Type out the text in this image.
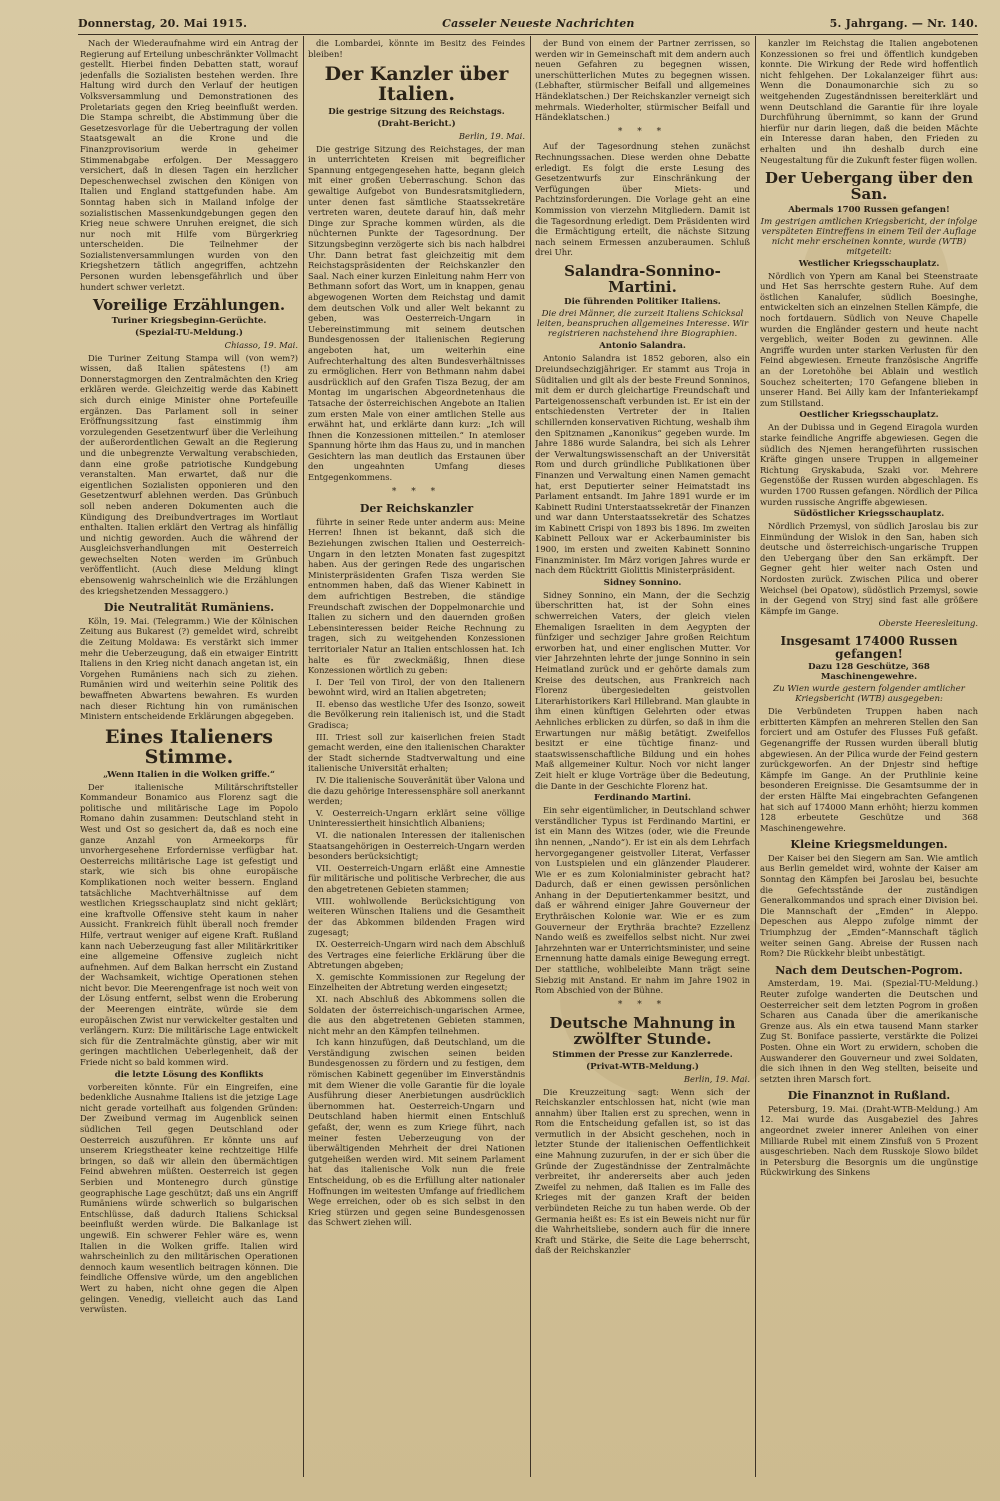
Donnerstag, 20. Mai 1915.	Casseler Neueste Nachrichten	5. Jahrgang. — Nr. 140.

Nach der Wiederaufnahme wird ein Antrag der Regierung auf Erteilung unbeschränkter Vollmacht gestellt. Hierbei finden Debatten statt, worauf jedenfalls die Sozialisten bestehen werden. Ihre Haltung wird durch den Verlauf der heutigen Volksversammlung und Demonstrationen des Proletariats gegen den Krieg beeinflußt werden. Die Stampa schreibt, die Abstimmung über die Gesetzesvorlage für die Uebertragung der vollen Staatsgewalt an die Krone und die Finanzprovisorium werde in geheimer Stimmenabgabe erfolgen. Der Messaggero versichert, daß in diesen Tagen ein herzlicher Depeschenwechsel zwischen den Königen von Italien und England stattgefunden habe. Am Sonntag haben sich in Mailand infolge der sozialistischen Massenkundgebungen gegen den Krieg neue schwere Unruhen ereignet, die sich nur noch mit Hilfe vom Bürgerkrieg unterscheiden. Die Teilnehmer der Sozialistenversammlungen wurden von den Kriegshetzern tätlich angegriffen, achtzehn Personen wurden lebensgefährlich und über hundert schwer verletzt.

Voreilige Erzählungen.
Turiner Kriegsbeginn-Gerüchte.
(Spezial-TU-Meldung.)
Chiasso, 19. Mai.

Die Turiner Zeitung Stampa will (von wem?) wissen, daß Italien spätestens (!) am Donnerstagmorgen den Zentralmächten den Krieg erklären werde. Gleichzeitig werde das Kabinett sich durch einige Minister ohne Portefeuille ergänzen. Das Parlament soll in seiner Eröffnungssitzung fast einstimmig ihm vorzulegenden Gesetzentwurf über die Verleihung der außerordentlichen Gewalt an die Regierung und die unbegrenzte Verwaltung verabschieden, dann eine große patriotische Kundgebung veranstalten. Man erwartet, daß nur die eigentlichen Sozialisten opponieren und den Gesetzentwurf ablehnen werden. Das Grünbuch soll neben anderen Dokumenten auch die Kündigung des Dreibundvertrages im Wortlaut enthalten. Italien erklärt den Vertrag als hinfällig und nichtig geworden. Auch die während der Ausgleichsverhandlungen mit Oesterreich gewechselten Noten werden im Grünbuch veröffentlicht. (Auch diese Meldung klingt ebensowenig wahrscheinlich wie die Erzählungen des kriegshetzenden Messaggero.)

Die Neutralität Rumäniens.

Köln, 19. Mai. (Telegramm.) Wie der Kölnischen Zeitung aus Bukarest (?) gemeldet wird, schreibt die Zeitung Moldawa: Es verstärkt sich immer mehr die Ueberzeugung, daß ein etwaiger Eintritt Italiens in den Krieg nicht danach angetan ist, ein Vorgehen Rumäniens nach sich zu ziehen. Rumänien wird und weiterhin seine Politik des bewaffneten Abwartens bewahren. Es wurden nach dieser Richtung hin von rumänischen Ministern entscheidende Erklärungen abgegeben.

Eines Italieners Stimme.
„Wenn Italien in die Wolken griffe.“

Der italienische Militärschriftsteller Kommandeur Bonamico aus Florenz sagt die politische und militärische Lage im Popolo Romano dahin zusammen: Deutschland steht in West und Ost so gesichert da, daß es noch eine ganze Anzahl von Armeekorps für unvorhergesehene Erfordernisse verfügbar hat. Oesterreichs militärische Lage ist gefestigt und stark, wie sich bis ohne europäische Komplikationen noch weiter bessern. England tatsächliche Machtverhältnisse auf dem westlichen Kriegsschauplatz sind nicht geklärt; eine kraftvolle Offensive steht kaum in naher Aussicht. Frankreich fühlt überall noch fremder Hilfe, vertraut weniger auf eigene Kraft. Rußland kann nach Ueberzeugung fast aller Militärkritiker eine allgemeine Offensive zugleich nicht aufnehmen. Auf dem Balkan herrscht ein Zustand der Wachsamkeit, wichtige Operationen stehen nicht bevor. Die Meerengenfrage ist noch weit von der Lösung entfernt, selbst wenn die Eroberung der Meerengen einträte, würde sie dem europäischen Zwist nur verwickelter gestalten und verlängern. Kurz: Die militärische Lage entwickelt sich für die Zentralmächte günstig, aber wir mit geringen machtlichen Ueberlegenheit, daß der Friede nicht so bald kommen wird.

die letzte Lösung des Konflikts

vorbereiten könnte. Für ein Eingreifen, eine bedenkliche Ausnahme Italiens ist die jetzige Lage nicht gerade vorteilhaft aus folgenden Gründen: Der Zweibund vermag im Augenblick seinen südlichen Teil gegen Deutschland oder Oesterreich auszuführen. Er könnte uns auf unserem Kriegstheater keine rechtzeitige Hilfe bringen, so daß wir allein den übermächtigen Feind abwehren müßten. Oesterreich ist gegen Serbien und Montenegro durch günstige geographische Lage geschützt; daß uns ein Angriff Rumäniens würde schwerlich so bulgarischen Entschlüsse, daß dadurch Italiens Schicksal beeinflußt werden würde. Die Balkanlage ist ungewiß. Ein schwerer Fehler wäre es, wenn Italien in die Wolken griffe. Italien wird wahrscheinlich zu den militärischen Operationen dennoch kaum wesentlich beitragen können. Die feindliche Offensive würde, um den angeblichen Wert zu haben, nicht ohne gegen die Alpen gelingen. Venedig, vielleicht auch das Land verwüsten.

die Lombardei, könnte im Besitz des Feindes bleiben!

Der Kanzler über Italien.
Die gestrige Sitzung des Reichstags.
(Draht-Bericht.)
Berlin, 19. Mai.

Die gestrige Sitzung des Reichstages, der man in unterrichteten Kreisen mit begreiflicher Spannung entgegengesehen hatte, begann gleich mit einer großen Ueberraschung. Schon das gewaltige Aufgebot von Bundesratsmitgliedern, unter denen fast sämtliche Staatssekretäre vertreten waren, deutete darauf hin, daß mehr Dinge zur Sprache kommen würden, als die nüchternen Punkte der Tagesordnung. Der Sitzungsbeginn verzögerte sich bis nach halbdrei Uhr. Dann betrat fast gleichzeitig mit dem Reichstagspräsidenten der Reichskanzler den Saal. Nach einer kurzen Einleitung nahm Herr von Bethmann sofort das Wort, um in knappen, genau abgewogenen Worten dem Reichstag und damit dem deutschen Volk und aller Welt bekannt zu geben, was Oesterreich-Ungarn in Uebereinstimmung mit seinem deutschen Bundesgenossen der italienischen Regierung angeboten hat, um weiterhin eine Aufrechterhaltung des alten Bundesverhältnisses zu ermöglichen. Herr von Bethmann nahm dabei ausdrücklich auf den Grafen Tisza Bezug, der am Montag im ungarischen Abgeordnetenhaus die Tatsache der österreichischen Angebote an Italien zum ersten Male von einer amtlichen Stelle aus erwähnt hat, und erklärte dann kurz: „Ich will Ihnen die Konzessionen mitteilen.“ In atemloser Spannung hörte ihm das Haus zu, und in manchen Gesichtern las man deutlich das Erstaunen über den ungeahnten Umfang dieses Entgegenkommens.

* * *
Der Reichskanzler

führte in seiner Rede unter anderm aus: Meine Herren! Ihnen ist bekannt, daß sich die Beziehungen zwischen Italien und Oesterreich-Ungarn in den letzten Monaten fast zugespitzt haben. Aus der geringen Rede des ungarischen Ministerpräsidenten Grafen Tisza werden Sie entnommen haben, daß das Wiener Kabinett in dem aufrichtigen Bestreben, die ständige Freundschaft zwischen der Doppelmonarchie und Italien zu sichern und den dauernden großen Lebensinteressen beider Reiche Rechnung zu tragen, sich zu weitgehenden Konzessionen territorialer Natur an Italien entschlossen hat. Ich halte es für zweckmäßig, Ihnen diese Konzessionen wörtlich zu geben:

I. Der Teil von Tirol, der von den Italienern bewohnt wird, wird an Italien abgetreten;

II. ebenso das westliche Ufer des Isonzo, soweit die Bevölkerung rein italienisch ist, und die Stadt Gradisca;

III. Triest soll zur kaiserlichen freien Stadt gemacht werden, eine den italienischen Charakter der Stadt sichernde Stadtverwaltung und eine italienische Universität erhalten;

IV. Die italienische Souveränität über Valona und die dazu gehörige Interessensphäre soll anerkannt werden;

V. Oesterreich-Ungarn erklärt seine völlige Uninteressiertheit hinsichtlich Albaniens;

VI. die nationalen Interessen der italienischen Staatsangehörigen in Oesterreich-Ungarn werden besonders berücksichtigt;

VII. Oesterreich-Ungarn erläßt eine Amnestie für militärische und politische Verbrecher, die aus den abgetretenen Gebieten stammen;

VIII. wohlwollende Berücksichtigung von weiteren Wünschen Italiens und die Gesamtheit der das Abkommen bildenden Fragen wird zugesagt;

IX. Oesterreich-Ungarn wird nach dem Abschluß des Vertrages eine feierliche Erklärung über die Abtretungen abgeben;

X. gemischte Kommissionen zur Regelung der Einzelheiten der Abtretung werden eingesetzt;

XI. nach Abschluß des Abkommens sollen die Soldaten der österreichisch-ungarischen Armee, die aus den abgetretenen Gebieten stammen, nicht mehr an den Kämpfen teilnehmen.

Ich kann hinzufügen, daß Deutschland, um die Verständigung zwischen seinen beiden Bundesgenossen zu fördern und zu festigen, dem römischen Kabinett gegenüber im Einverständnis mit dem Wiener die volle Garantie für die loyale Ausführung dieser Anerbietungen ausdrücklich übernommen hat. Oesterreich-Ungarn und Deutschland haben hiermit einen Entschluß gefaßt, der, wenn es zum Kriege führt, nach meiner festen Ueberzeugung von der überwältigenden Mehrheit der drei Nationen gutgeheißen werden wird. Mit seinem Parlament hat das italienische Volk nun die freie Entscheidung, ob es die Erfüllung alter nationaler Hoffnungen im weitesten Umfange auf friedlichem Wege erreichen, oder ob es sich selbst in den Krieg stürzen und gegen seine Bundesgenossen das Schwert ziehen will.

der Bund von einem der Partner zerrissen, so werden wir in Gemeinschaft mit dem andern auch neuen Gefahren zu begegnen wissen, unerschütterlichen Mutes zu begegnen wissen. (Lebhafter, stürmischer Beifall und allgemeines Händeklatschen.) Der Reichskanzler verneigt sich mehrmals. Wiederholter, stürmischer Beifall und Händeklatschen.)

* * *

Auf der Tagesordnung stehen zunächst Rechnungssachen. Diese werden ohne Debatte erledigt. Es folgt die erste Lesung des Gesetzentwurfs zur Einschränkung der Verfügungen über Miets- und Pachtzinsforderungen. Die Vorlage geht an eine Kommission von vierzehn Mitgliedern. Damit ist die Tagesordnung erledigt. Dem Präsidenten wird die Ermächtigung erteilt, die nächste Sitzung nach seinem Ermessen anzuberaumen. Schluß drei Uhr.

Salandra-Sonnino-Martini.
Die führenden Politiker Italiens.
Die drei Männer, die zurzeit Italiens Schicksal leiten, beanspruchen allgemeines Interesse. Wir registrieren nachstehend ihre Biographien.
Antonio Salandra.

Antonio Salandra ist 1852 geboren, also ein Dreiundsechzigjähriger. Er stammt aus Troja in Süditalien und gilt als der beste Freund Sonninos, mit dem er durch gleichartige Freundschaft und Parteigenossenschaft verbunden ist. Er ist ein der entschiedensten Vertreter der in Italien schillernden konservativen Richtung, weshalb ihm den Spitznamen „Kanonikus“ gegeben wurde. Im Jahre 1886 wurde Salandra, bei sich als Lehrer der Verwaltungswissenschaft an der Universität Rom und durch gründliche Publikationen über Finanzen und Verwaltung einen Namen gemacht hat, erst Deputierter seiner Heimatstadt ins Parlament entsandt. Im Jahre 1891 wurde er im Kabinett Rudini Unterstaatssekretär der Finanzen und war dann Unterstaatssekretär des Schatzes im Kabinett Crispi von 1893 bis 1896. Im zweiten Kabinett Pelloux war er Ackerbauminister bis 1900, im ersten und zweiten Kabinett Sonnino Finanzminister. Im März vorigen Jahres wurde er nach dem Rücktritt Giolittis Ministerpräsident.

Sidney Sonnino.

Sidney Sonnino, ein Mann, der die Sechzig überschritten hat, ist der Sohn eines schwerreichen Vaters, der gleich vielen Ehemaligen Israeliten in dem Aegypten der fünfziger und sechziger Jahre großen Reichtum erworben hat, und einer englischen Mutter. Vor vier Jahrzehnten lehrte der junge Sonnino in sein Heimatland zurück und er gehörte damals zum Kreise des deutschen, aus Frankreich nach Florenz übergesiedelten geistvollen Literarhistorikers Karl Hillebrand. Man glaubte in ihm einen künftigen Gelehrten oder etwas Aehnliches erblicken zu dürfen, so daß in ihm die Erwartungen nur mäßig betätigt. Zweifellos besitzt er eine tüchtige finanz- und staatswissenschaftliche Bildung und ein hohes Maß allgemeiner Kultur. Noch vor nicht langer Zeit hielt er kluge Vorträge über die Bedeutung, die Dante in der Geschichte Florenz hat.

Ferdinando Martini.

Ein sehr eigentümlicher, in Deutschland schwer verständlicher Typus ist Ferdinando Martini, er ist ein Mann des Witzes (oder, wie die Freunde ihn nennen, „Nando“). Er ist ein als dem Lehrfach hervorgegangener geistvoller Literat, Verfasser von Lustspielen und ein glänzender Plauderer. Wie er es zum Kolonialminister gebracht hat? Dadurch, daß er einen gewissen persönlichen Anhang in der Deputiertenkammer besitzt, und daß er während einiger Jahre Gouverneur der Erythräischen Kolonie war. Wie er es zum Gouverneur der Erythräa brachte? Ezzellenz Nando weiß es zweifellos selbst nicht. Nur zwei Jahrzehnten war er Unterrichtsminister, und seine Ernennung hatte damals einige Bewegung erregt. Der stattliche, wohlbeleibte Mann trägt seine Siebzig mit Anstand. Er nahm im Jahre 1902 in Rom Abschied von der Bühne.

* * *
Deutsche Mahnung in zwölfter Stunde.
Stimmen der Presse zur Kanzlerrede.
(Privat-WTB-Meldung.)
Berlin, 19. Mai.

Die Kreuzzeitung sagt: Wenn sich der Reichskanzler entschlossen hat, nicht (wie man annahm) über Italien erst zu sprechen, wenn in Rom die Entscheidung gefallen ist, so ist das vermutlich in der Absicht geschehen, noch in letzter Stunde der italienischen Oeffentlichkeit eine Mahnung zuzurufen, in der er sich über die Gründe der Zugeständnisse der Zentralmächte verbreitet, ihr andererseits aber auch jeden Zweifel zu nehmen, daß Italien es im Falle des Krieges mit der ganzen Kraft der beiden verbündeten Reiche zu tun haben werde. Ob der Germania heißt es: Es ist ein Beweis nicht nur für die Wahrheitsliebe, sondern auch für die innere Kraft und Stärke, die Seite die Lage beherrscht, daß der Reichskanzler

kanzler im Reichstag die Italien angebotenen Konzessionen so frei und öffentlich kundgeben konnte. Die Wirkung der Rede wird hoffentlich nicht fehlgehen. Der Lokalanzeiger führt aus: Wenn die Donaumonarchie sich zu so weitgehenden Zugeständnissen bereiterklärt und wenn Deutschland die Garantie für ihre loyale Durchführung übernimmt, so kann der Grund hierfür nur darin liegen, daß die beiden Mächte ein Interesse daran haben, den Frieden zu erhalten und ihn deshalb durch eine Neugestaltung für die Zukunft fester fügen wollen.

Der Uebergang über den San.
Abermals 1700 Russen gefangen!
Im gestrigen amtlichen Kriegsbericht, der infolge verspäteten Eintreffens in einem Teil der Auflage nicht mehr erscheinen konnte, wurde (WTB) mitgeteilt:
Westlicher Kriegsschauplatz.

Nördlich von Ypern am Kanal bei Steenstraate und Het Sas herrschte gestern Ruhe. Auf dem östlichen Kanalufer, südlich Boesinghe, entwickelten sich an einzelnen Stellen Kämpfe, die noch fortdauern. Südlich von Neuve Chapelle wurden die Engländer gestern und heute nacht vergeblich, weiter Boden zu gewinnen. Alle Angriffe wurden unter starken Verlusten für den Feind abgewiesen. Erneute französische Angriffe an der Loretohöhe bei Ablain und westlich Souchez scheiterten; 170 Gefangene blieben in unserer Hand. Bei Ailly kam der Infanteriekampf zum Stillstand.

Oestlicher Kriegsschauplatz.

An der Dubissa und in Gegend Eiragola wurden starke feindliche Angriffe abgewiesen. Gegen die südlich des Njemen herangeführten russischen Kräfte gingen unsere Truppen in allgemeiner Richtung Gryskabuda, Szaki vor. Mehrere Gegenstöße der Russen wurden abgeschlagen. Es wurden 1700 Russen gefangen. Nördlich der Pilica wurden russische Angriffe abgewiesen.

Südöstlicher Kriegsschauplatz.

Nördlich Przemysl, von südlich Jaroslau bis zur Einmündung der Wislok in den San, haben sich deutsche und österreichisch-ungarische Truppen den Uebergang über den San erkämpft. Der Gegner geht hier weiter nach Osten und Nordosten zurück. Zwischen Pilica und oberer Weichsel (bei Opatow), südöstlich Przemysl, sowie in der Gegend von Stryj sind fast alle größere Kämpfe im Gange.

Oberste Heeresleitung.
Insgesamt 174000 Russen gefangen!
Dazu 128 Geschütze, 368 Maschinengewehre.
Zu Wien wurde gestern folgender amtlicher Kriegsbericht (WTB) ausgegeben:

Die Verbündeten Truppen haben nach erbitterten Kämpfen an mehreren Stellen den San forciert und am Ostufer des Flusses Fuß gefaßt. Gegenangriffe der Russen wurden überall blutig abgewiesen. An der Pilica wurde der Feind gestern zurückgeworfen. An der Dnjestr sind heftige Kämpfe im Gange. An der Pruthlinie keine besonderen Ereignisse. Die Gesamtsumme der in der ersten Hälfte Mai eingebrachten Gefangenen hat sich auf 174000 Mann erhöht; hierzu kommen 128 erbeutete Geschütze und 368 Maschinengewehre.

Kleine Kriegsmeldungen.

Der Kaiser bei den Siegern am San. Wie amtlich aus Berlin gemeldet wird, wohnte der Kaiser am Sonntag den Kämpfen bei Jaroslau bei, besuchte die Gefechtsstände der zuständigen Generalkommandos und sprach einer Division bei. Die Mannschaft der „Emden“ in Aleppo. Depeschen aus Aleppo zufolge nimmt der Triumphzug der „Emden“-Mannschaft täglich weiter seinen Gang. Abreise der Russen nach Rom? Die Rückkehr bleibt unbestätigt.

Nach dem Deutschen-Pogrom.

Amsterdam, 19. Mai. (Spezial-TU-Meldung.) Reuter zufolge wanderten die Deutschen und Oesterreicher seit dem letzten Pogrom in großen Scharen aus Canada über die amerikanische Grenze aus. Als ein etwa tausend Mann starker Zug St. Boniface passierte, verstärkte die Polizei Posten. Ohne ein Wort zu erwidern, schoben die Auswanderer den Gouverneur und zwei Soldaten, die sich ihnen in den Weg stellten, beiseite und setzten ihren Marsch fort.

Die Finanznot in Rußland.

Petersburg, 19. Mai. (Draht-WTB-Meldung.) Am 12. Mai wurde das Ausgabeziel des Jahres angeordnet zweier innerer Anleihen von einer Milliarde Rubel mit einem Zinsfuß von 5 Prozent ausgeschrieben. Nach dem Russkoje Slowo bildet in Petersburg die Besorgnis um die ungünstige Rückwirkung des Sinkens
